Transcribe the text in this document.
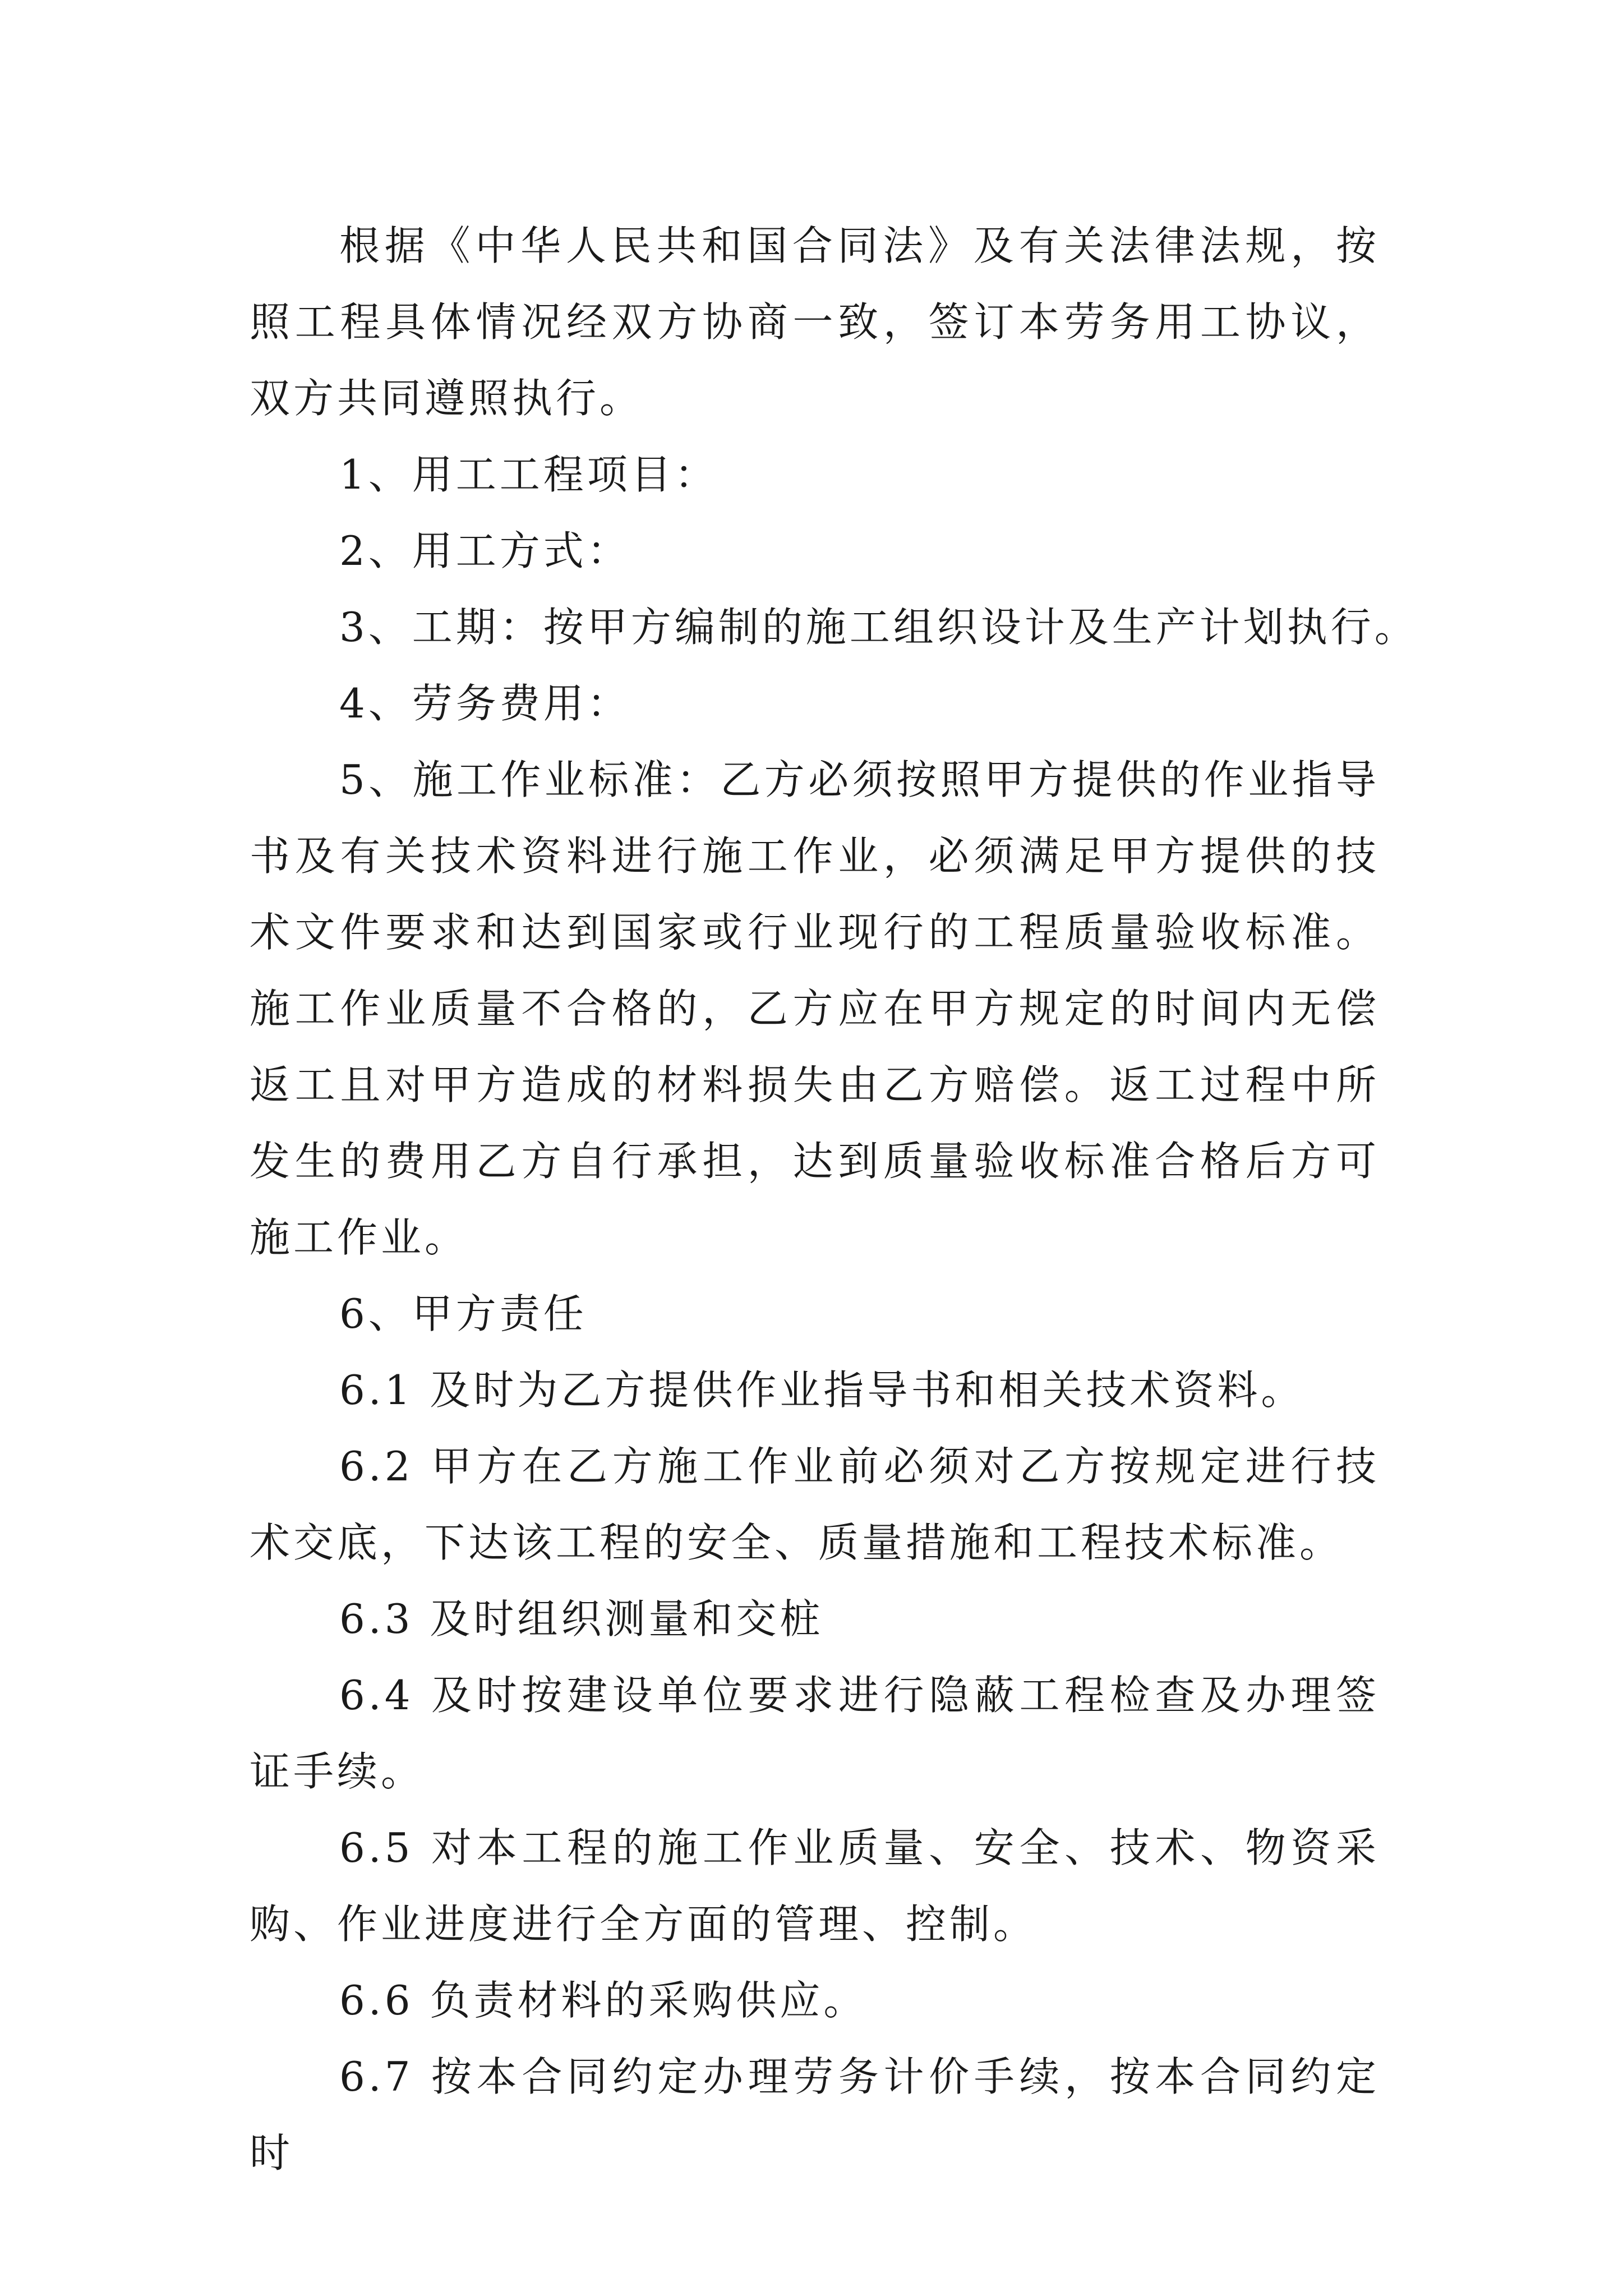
根据《中华人民共和国合同法》及有关法律法规，按照工程具体情况经双方协商一致，签订本劳务用工协议，双方共同遵照执行。

1、用工工程项目：

2、用工方式：

3、工期：按甲方编制的施工组织设计及生产计划执行。

4、劳务费用：

5、施工作业标准：乙方必须按照甲方提供的作业指导书及有关技术资料进行施工作业，必须满足甲方提供的技术文件要求和达到国家或行业现行的工程质量验收标准。施工作业质量不合格的，乙方应在甲方规定的时间内无偿返工且对甲方造成的材料损失由乙方赔偿。返工过程中所发生的费用乙方自行承担，达到质量验收标准合格后方可施工作业。

6、甲方责任

6.1 及时为乙方提供作业指导书和相关技术资料。

6.2 甲方在乙方施工作业前必须对乙方按规定进行技术交底，下达该工程的安全、质量措施和工程技术标准。

6.3 及时组织测量和交桩

6.4 及时按建设单位要求进行隐蔽工程检查及办理签证手续。

6.5 对本工程的施工作业质量、安全、技术、物资采购、作业进度进行全方面的管理、控制。

6.6 负责材料的采购供应。

6.7 按本合同约定办理劳务计价手续，按本合同约定时
